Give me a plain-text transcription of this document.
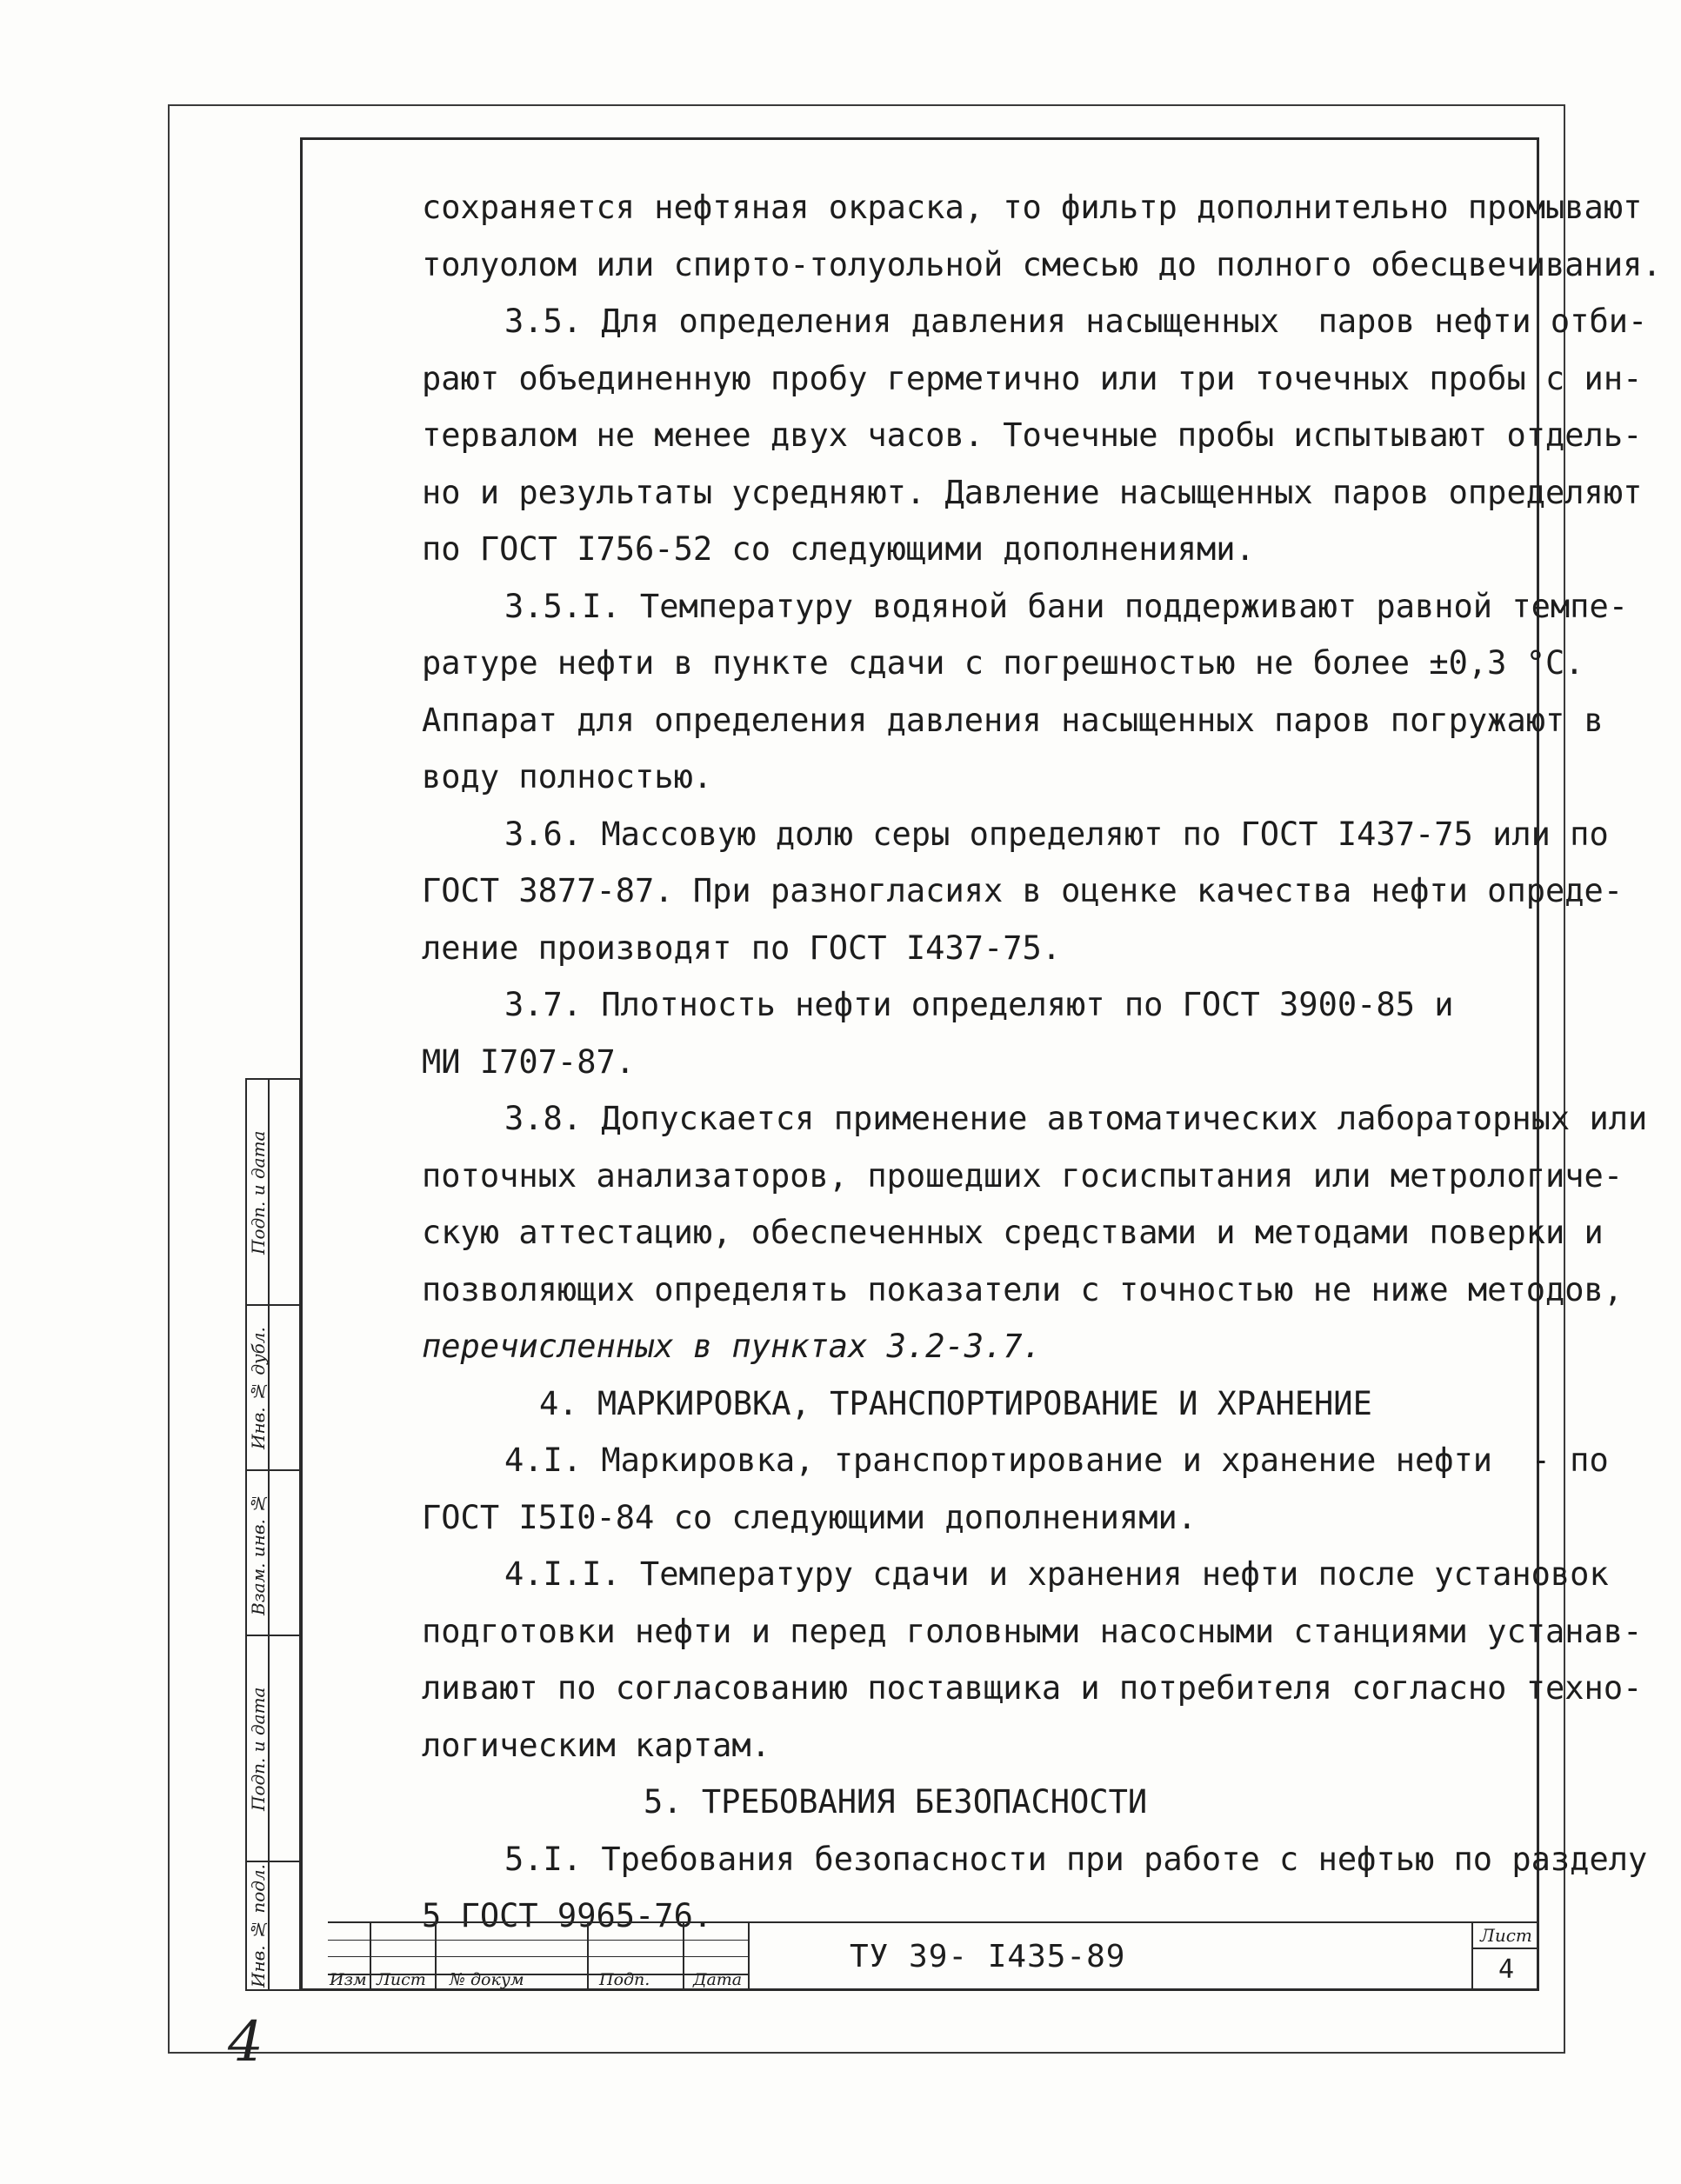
сохраняется нефтяная окраска, то фильтр дополнительно промывают

толуолом или спирто-толуольной смесью до полного обесцвечивания.

3.5. Для определения давления насыщенных  паров нефти отби-

рают объединенную пробу герметично или три точечных пробы с ин-

тервалом не менее двух часов. Точечные пробы испытывают отдель-

но и результаты усредняют. Давление насыщенных паров определяют

по ГОСТ I756-52 со следующими дополнениями.

3.5.I. Температуру водяной бани поддерживают равной темпе-

ратуре нефти в пункте сдачи с погрешностью не более ±0,3 °С.

Аппарат для определения давления насыщенных паров погружают в

воду полностью.

3.6. Массовую долю серы определяют по ГОСТ I437-75 или по

ГОСТ 3877-87. При разногласиях в оценке качества нефти опреде-

ление производят по ГОСТ I437-75.

3.7. Плотность нефти определяют по ГОСТ 3900-85 и

МИ I707-87.

3.8. Допускается применение автоматических лабораторных или

поточных анализаторов, прошедших госиспытания или метрологиче-

скую аттестацию, обеспеченных средствами и методами поверки и

позволяющих определять показатели с точностью не ниже методов,

перечисленных в пунктах 3.2-3.7.

4. МАРКИРОВКА, ТРАНСПОРТИРОВАНИЕ И ХРАНЕНИЕ

4.I. Маркировка, транспортирование и хранение нефти  - по

ГОСТ I5I0-84 со следующими дополнениями.

4.I.I. Температуру сдачи и хранения нефти после установок

подготовки нефти и перед головными насосными станциями устанав-

ливают по согласованию поставщика и потребителя согласно техно-

логическим картам.

5. ТРЕБОВАНИЯ БЕЗОПАСНОСТИ

5.I. Требования безопасности при работе с нефтью по разделу

5 ГОСТ 9965-76.

Подп. и дата
Инв. № дубл.
Взам. инв. №
Подп. и дата
Инв. № подл.	Изм Лист № докум	Подп.	Дата
ТУ 39- I435-89
Лист
4
4
